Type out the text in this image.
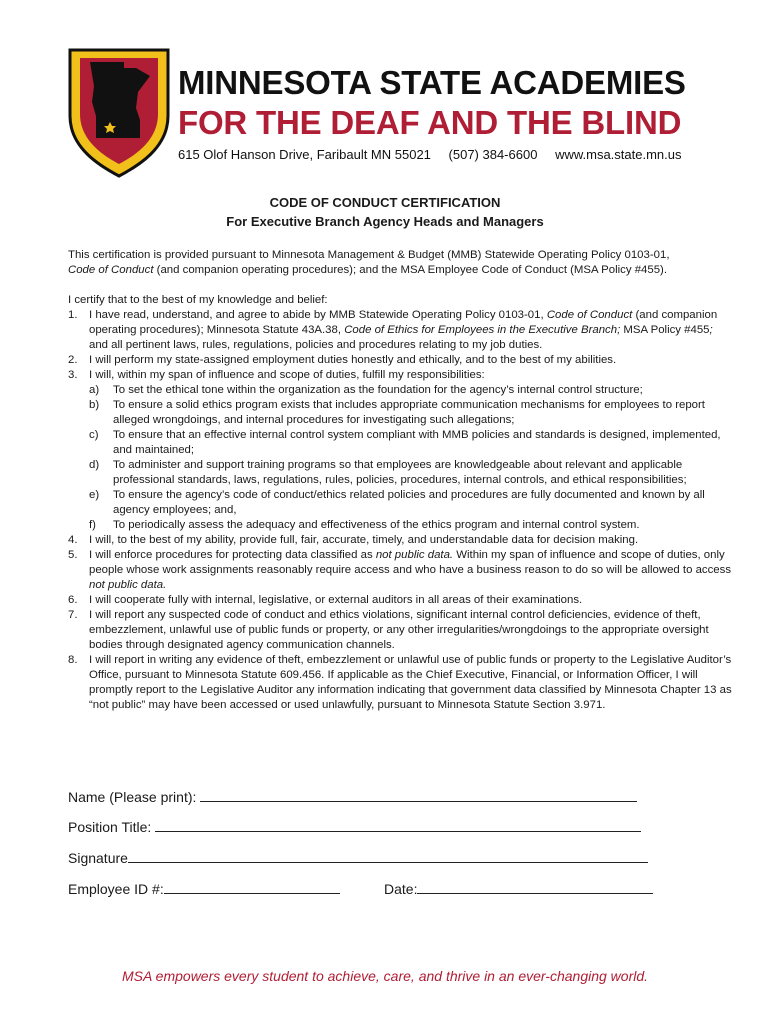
MINNESOTA STATE ACADEMIES
FOR THE DEAF AND THE BLIND
615 Olof Hanson Drive, Faribault MN 55021 (507) 384-6600 www.msa.state.mn.us
CODE OF CONDUCT CERTIFICATION
For Executive Branch Agency Heads and Managers
This certification is provided pursuant to Minnesota Management & Budget (MMB) Statewide Operating Policy 0103-01,
Code of Conduct (and companion operating procedures); and the MSA Employee Code of Conduct (MSA Policy #455).
I certify that to the best of my knowledge and belief:
1. I have read, understand, and agree to abide by MMB Statewide Operating Policy 0103-01, Code of Conduct (and companion operating procedures); Minnesota Statute 43A.38, Code of Ethics for Employees in the Executive Branch; MSA Policy #455; and all pertinent laws, rules, regulations, policies and procedures relating to my job duties.
2. I will perform my state-assigned employment duties honestly and ethically, and to the best of my abilities.
3. I will, within my span of influence and scope of duties, fulfill my responsibilities:
a) To set the ethical tone within the organization as the foundation for the agency’s internal control structure;
b) To ensure a solid ethics program exists that includes appropriate communication mechanisms for employees to report alleged wrongdoings, and internal procedures for investigating such allegations;
c) To ensure that an effective internal control system compliant with MMB policies and standards is designed, implemented, and maintained;
d) To administer and support training programs so that employees are knowledgeable about relevant and applicable professional standards, laws, regulations, rules, policies, procedures, internal controls, and ethical responsibilities;
e) To ensure the agency’s code of conduct/ethics related policies and procedures are fully documented and known by all agency employees; and,
f) To periodically assess the adequacy and effectiveness of the ethics program and internal control system.
4. I will, to the best of my ability, provide full, fair, accurate, timely, and understandable data for decision making.
5. I will enforce procedures for protecting data classified as not public data. Within my span of influence and scope of duties, only people whose work assignments reasonably require access and who have a business reason to do so will be allowed to access not public data.
6. I will cooperate fully with internal, legislative, or external auditors in all areas of their examinations.
7. I will report any suspected code of conduct and ethics violations, significant internal control deficiencies, evidence of theft, embezzlement, unlawful use of public funds or property, or any other irregularities/wrongdoings to the appropriate oversight bodies through designated agency communication channels.
8. I will report in writing any evidence of theft, embezzlement or unlawful use of public funds or property to the Legislative Auditor’s Office, pursuant to Minnesota Statute 609.456. If applicable as the Chief Executive, Financial, or Information Officer, I will promptly report to the Legislative Auditor any information indicating that government data classified by Minnesota Chapter 13 as “not public” may have been accessed or used unlawfully, pursuant to Minnesota Statute Section 3.971.
Name (Please print):
Position Title:
Signature
Employee ID #:	Date:
MSA empowers every student to achieve, care, and thrive in an ever-changing world.
